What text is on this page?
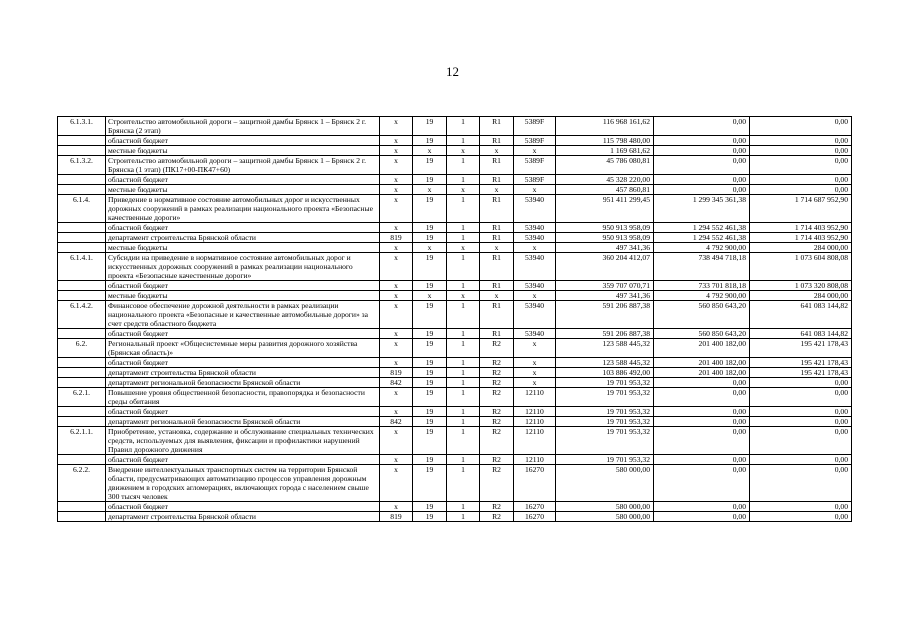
12
6.1.3.1.	Строительство автомобильной дороги – защитной дамбы Брянск 1 – Брянск 2 г. Брянска (2 этап)	x	19	1	R1	5389F	116 968 161,62	0,00	0,00
	областной бюджет	x	19	1	R1	5389F	115 798 480,00	0,00	0,00
	местные бюджеты	x	x	x	x	x	1 169 681,62	0,00	0,00
6.1.3.2.	Строительство автомобильной дороги – защитной дамбы Брянск 1 – Брянск 2 г. Брянска (1 этап) (ПК17+00-ПК47+60)	x	19	1	R1	5389F	45 786 080,81	0,00	0,00
	областной бюджет	x	19	1	R1	5389F	45 328 220,00	0,00	0,00
	местные бюджеты	x	x	x	x	x	457 860,81	0,00	0,00
6.1.4.	Приведение в нормативное состояние автомобильных дорог и искусственных дорожных сооружений в рамках реализации национального проекта «Безопасные качественные дороги»	x	19	1	R1	53940	951 411 299,45	1 299 345 361,38	1 714 687 952,90
	областной бюджет	x	19	1	R1	53940	950 913 958,09	1 294 552 461,38	1 714 403 952,90
	департамент строительства Брянской области	819	19	1	R1	53940	950 913 958,09	1 294 552 461,38	1 714 403 952,90
	местные бюджеты	x	x	x	x	x	497 341,36	4 792 900,00	284 000,00
6.1.4.1.	Субсидии на приведение в нормативное состояние автомобильных дорог и искусственных дорожных сооружений в рамках реализации национального проекта «Безопасные качественные дороги»	x	19	1	R1	53940	360 204 412,07	738 494 718,18	1 073 604 808,08
	областной бюджет	x	19	1	R1	53940	359 707 070,71	733 701 818,18	1 073 320 808,08
	местные бюджеты	x	x	x	x	x	497 341,36	4 792 900,00	284 000,00
6.1.4.2.	Финансовое обеспечение дорожной деятельности в рамках реализации национального проекта «Безопасные и качественные автомобильные дороги» за счет средств областного бюджета	x	19	1	R1	53940	591 206 887,38	560 850 643,20	641 083 144,82
	областной бюджет	x	19	1	R1	53940	591 206 887,38	560 850 643,20	641 083 144,82
6.2.	Региональный проект «Общесистемные меры развития дорожного хозяйства (Брянская область)»	x	19	1	R2	x	123 588 445,32	201 400 182,00	195 421 178,43
	областной бюджет	x	19	1	R2	x	123 588 445,32	201 400 182,00	195 421 178,43
	департамент строительства Брянской области	819	19	1	R2	x	103 886 492,00	201 400 182,00	195 421 178,43
	департамент региональной безопасности Брянской области	842	19	1	R2	x	19 701 953,32	0,00	0,00
6.2.1.	Повышение уровня общественной безопасности, правопорядка и безопасности среды обитания	x	19	1	R2	12110	19 701 953,32	0,00	0,00
	областной бюджет	x	19	1	R2	12110	19 701 953,32	0,00	0,00
	департамент региональной безопасности Брянской области	842	19	1	R2	12110	19 701 953,32	0,00	0,00
6.2.1.1.	Приобретение, установка, содержание и обслуживание специальных технических средств, используемых для выявления, фиксации и профилактики нарушений Правил дорожного движения	x	19	1	R2	12110	19 701 953,32	0,00	0,00
	областной бюджет	x	19	1	R2	12110	19 701 953,32	0,00	0,00
6.2.2.	Внедрение интеллектуальных транспортных систем на территории Брянской области, предусматривающих автоматизацию процессов управления дорожным движением в городских агломерациях, включающих города с населением свыше 300 тысяч человек	x	19	1	R2	16270	580 000,00	0,00	0,00
	областной бюджет	x	19	1	R2	16270	580 000,00	0,00	0,00
	департамент строительства Брянской области	819	19	1	R2	16270	580 000,00	0,00	0,00
